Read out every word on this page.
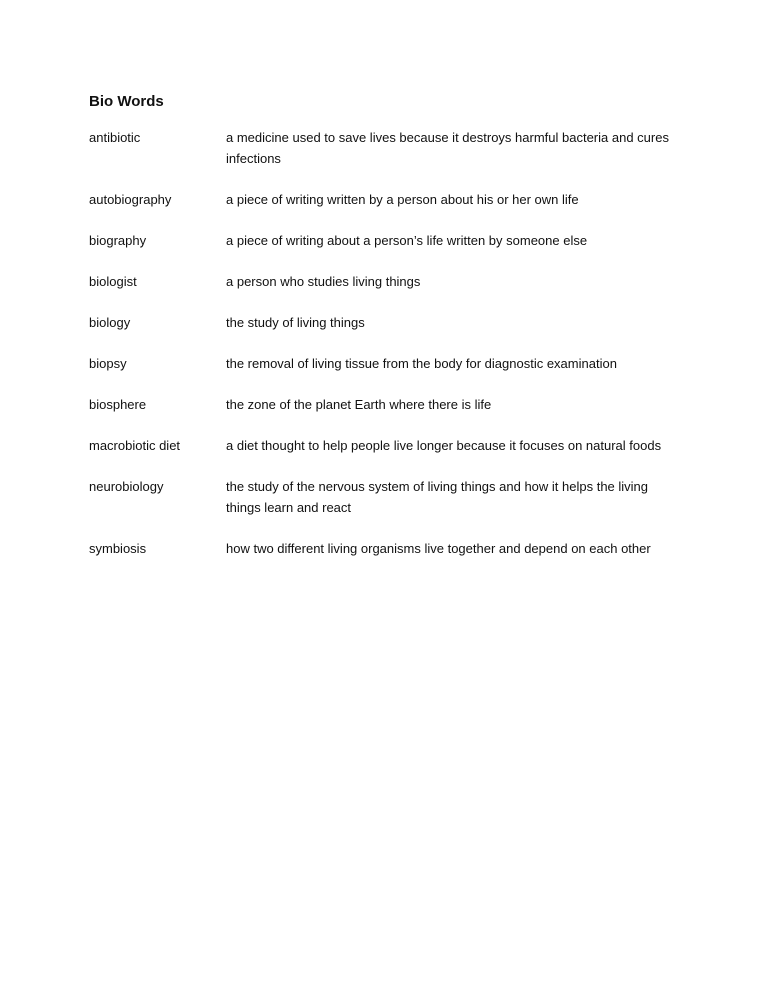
Bio Words
antibiotic	a medicine used to save lives because it destroys harmful bacteria and cures infections
autobiography	a piece of writing written by a person about his or her own life
biography	a piece of writing about a person’s life written by someone else
biologist	a person who studies living things
biology	the study of living things
biopsy	the removal of living tissue from the body for diagnostic examination
biosphere	the zone of the planet Earth where there is life
macrobiotic diet	a diet thought to help people live longer because it focuses on natural foods
neurobiology	the study of the nervous system of living things and how it helps the living things learn and react
symbiosis	how two different living organisms live together and depend on each other
